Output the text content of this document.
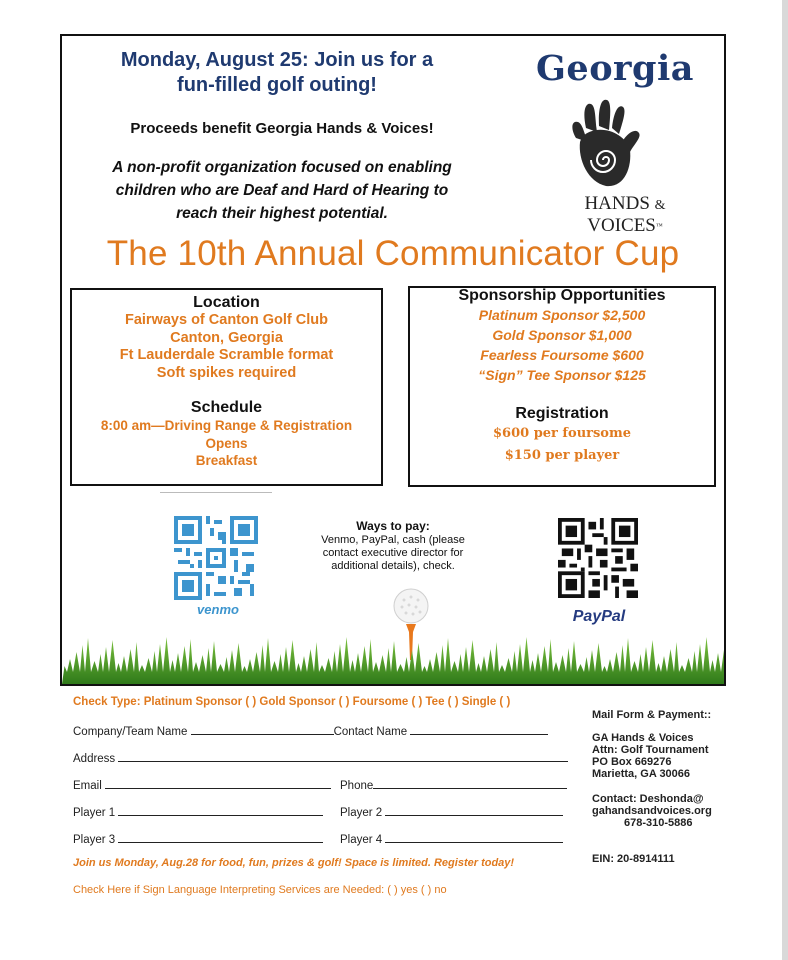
Monday, August 25: Join us for a
fun-filled golf outing!
Proceeds benefit Georgia Hands & Voices!
A non-profit organization focused on enabling
children who are Deaf and Hard of Hearing to
reach their highest potential.
Georgia
HANDS &
VOICES™
The 10th Annual Communicator Cup
Location
Fairways of Canton Golf Club
Canton, Georgia
Ft Lauderdale Scramble format
Soft spikes required
Schedule
8:00 am—Driving Range & Registration
Opens
Breakfast
Sponsorship Opportunities
Platinum Sponsor $2,500
Gold Sponsor $1,000
Fearless Foursome $600
“Sign” Tee Sponsor $125
Registration
$600 per foursome
$150 per player
venmo
Ways to pay:
Venmo, PayPal, cash (please
contact executive director for
additional details), check.
PayPal
Check Type: Platinum Sponsor ( ) Gold Sponsor ( ) Foursome ( ) Tee ( ) Single ( )
Company/Team Name	Contact Name
Address
Email	Phone
Player 1	Player 2
Player 3	Player 4
Join us Monday, Aug.28 for food, fun, prizes & golf! Space is limited. Register today!
Check Here if Sign Language Interpreting Services are Needed: ( ) yes ( ) no
Mail Form & Payment::
GA Hands & Voices
Attn: Golf Tournament
PO Box 669276
Marietta, GA 30066
Contact: Deshonda@
gahandsandvoices.org
678-310-5886
EIN: 20-8914111
